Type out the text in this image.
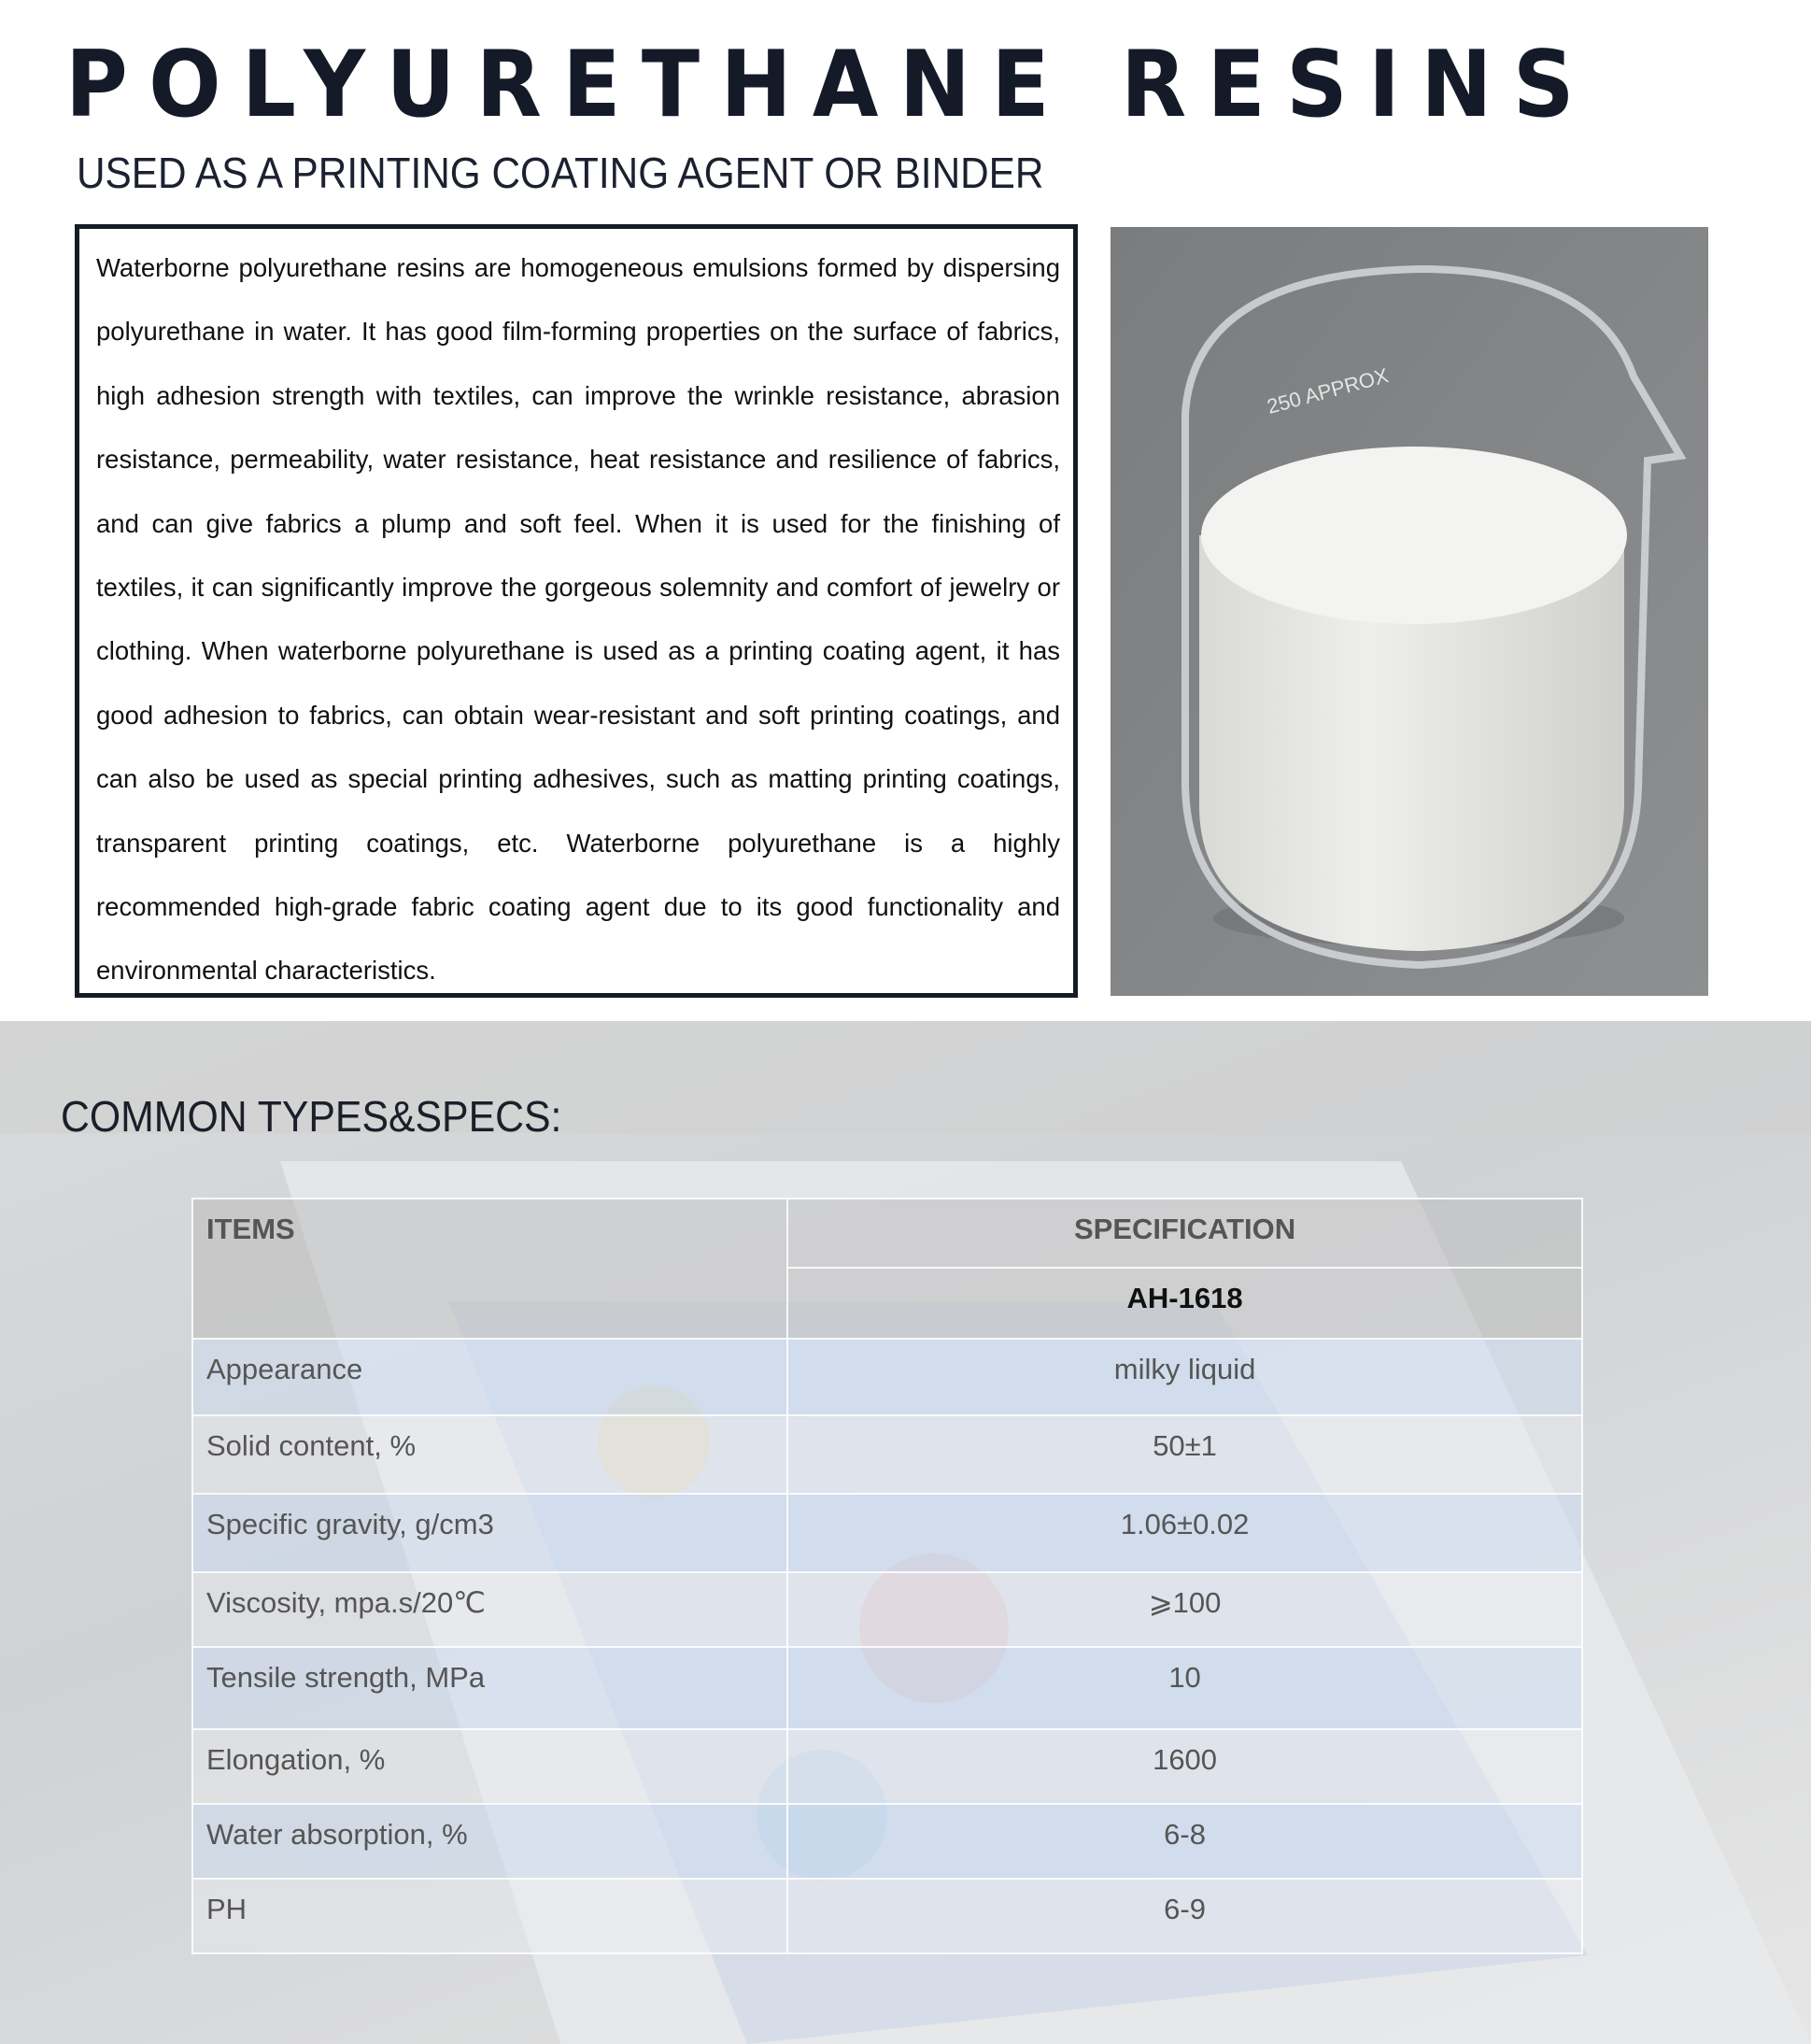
POLYURETHANE RESINS
USED AS A PRINTING COATING AGENT OR BINDER

Waterborne polyurethane resins are homogeneous emulsions formed by dispersing polyurethane in water. It has good film-forming properties on the surface of fabrics, high adhesion strength with textiles, can improve the wrinkle resistance, abrasion resistance, permeability, water resistance, heat resistance and resilience of fabrics, and can give fabrics a plump and soft feel. When it is used for the finishing of textiles, it can significantly improve the gorgeous solemnity and comfort of jewelry or clothing. When waterborne polyurethane is used as a printing coating agent, it has good adhesion to fabrics, can obtain wear-resistant and soft printing coatings, and can also be used as special printing adhesives, such as matting printing coatings, transparent printing coatings, etc. Waterborne polyurethane is a highly recommended high-grade fabric coating agent due to its good functionality and environmental characteristics.

250 APPROX
COMMON TYPES&SPECS:
ITEMS	SPECIFICATION
	AH-1618
Appearance	milky liquid
Solid content, %	50±1
Specific gravity, g/cm3	1.06±0.02
Viscosity, mpa.s/20℃	⩾100
Tensile strength, MPa	10
Elongation, %	1600
Water absorption, %	6-8
PH	6-9
